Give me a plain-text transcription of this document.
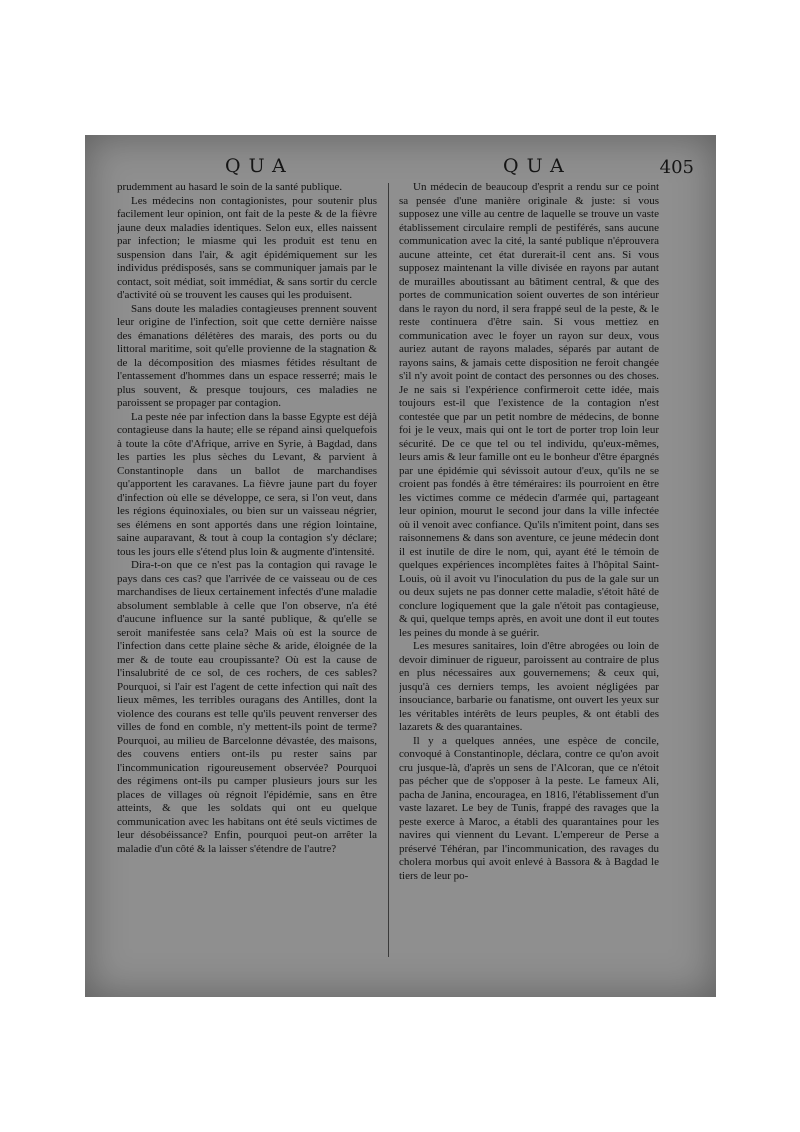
QUA	QUA	405

prudemment au hasard le soin de la santé publique.

Les médecins non contagionistes, pour soutenir plus facilement leur opinion, ont fait de la peste & de la fièvre jaune deux maladies identiques. Selon eux, elles naissent par infection; le miasme qui les produit est tenu en suspension dans l'air, & agit épidémiquement sur les individus prédisposés, sans se communiquer jamais par le contact, soit médiat, soit immédiat, & sans sortir du cercle d'activité où se trouvent les causes qui les produisent.

Sans doute les maladies contagieuses prennent souvent leur origine de l'infection, soit que cette dernière naisse des émanations délétères des marais, des ports ou du littoral maritime, soit qu'elle provienne de la stagnation & de la décomposition des miasmes fétides résultant de l'entassement d'hommes dans un espace resserré; mais le plus souvent, & presque toujours, ces maladies ne paroissent se propager par contagion.

La peste née par infection dans la basse Egypte est déjà contagieuse dans la haute; elle se répand ainsi quelquefois à toute la côte d'Afrique, arrive en Syrie, à Bagdad, dans les parties les plus sèches du Levant, & parvient à Constantinople dans un ballot de marchandises qu'apportent les caravanes. La fièvre jaune part du foyer d'infection où elle se développe, ce sera, si l'on veut, dans les régions équinoxiales, ou bien sur un vaisseau négrier, ses élémens en sont apportés dans une région lointaine, saine auparavant, & tout à coup la contagion s'y déclare; tous les jours elle s'étend plus loin & augmente d'intensité.

Dira-t-on que ce n'est pas la contagion qui ravage le pays dans ces cas? que l'arrivée de ce vaisseau ou de ces marchandises de lieux certainement infectés d'une maladie absolument semblable à celle que l'on observe, n'a été d'aucune influence sur la santé publique, & qu'elle se seroit manifestée sans cela? Mais où est la source de l'infection dans cette plaine sèche & aride, éloignée de la mer & de toute eau croupissante? Où est la cause de l'insalubrité de ce sol, de ces rochers, de ces sables? Pourquoi, si l'air est l'agent de cette infection qui naît des lieux mêmes, les terribles ouragans des Antilles, dont la violence des courans est telle qu'ils peuvent renverser des villes de fond en comble, n'y mettent-ils point de terme? Pourquoi, au milieu de Barcelonne dévastée, des maisons, des couvens entiers ont-ils pu rester sains par l'incommunication rigoureusement observée? Pourquoi des régimens ont-ils pu camper plusieurs jours sur les places de villages où régnoit l'épidémie, sans en être atteints, & que les soldats qui ont eu quelque communication avec les habitans ont été seuls victimes de leur désobéissance? Enfin, pourquoi peut-on arrêter la maladie d'un côté & la laisser s'étendre de l'autre?

Un médecin de beaucoup d'esprit a rendu sur ce point sa pensée d'une manière originale & juste: si vous supposez une ville au centre de laquelle se trouve un vaste établissement circulaire rempli de pestiférés, sans aucune communication avec la cité, la santé publique n'éprouvera aucune atteinte, cet état durerait-il cent ans. Si vous supposez maintenant la ville divisée en rayons par autant de murailles aboutissant au bâtiment central, & que des portes de communication soient ouvertes de son intérieur dans le rayon du nord, il sera frappé seul de la peste, & le reste continuera d'être sain. Si vous mettiez en communication avec le foyer un rayon sur deux, vous auriez autant de rayons malades, séparés par autant de rayons sains, & jamais cette disposition ne feroit changée s'il n'y avoit point de contact des personnes ou des choses. Je ne sais si l'expérience confirmeroit cette idée, mais toujours est-il que l'existence de la contagion n'est contestée que par un petit nombre de médecins, de bonne foi je le veux, mais qui ont le tort de porter trop loin leur sécurité. De ce que tel ou tel individu, qu'eux-mêmes, leurs amis & leur famille ont eu le bonheur d'être épargnés par une épidémie qui sévissoit autour d'eux, qu'ils ne se croient pas fondés à être téméraires: ils pourroient en être les victimes comme ce médecin d'armée qui, partageant leur opinion, mourut le second jour dans la ville infectée où il venoit avec confiance. Qu'ils n'imitent point, dans ses raisonnemens & dans son aventure, ce jeune médecin dont il est inutile de dire le nom, qui, ayant été le témoin de quelques expériences incomplètes faites à l'hôpital Saint-Louis, où il avoit vu l'inoculation du pus de la gale sur un ou deux sujets ne pas donner cette maladie, s'étoit hâté de conclure logiquement que la gale n'étoit pas contagieuse, & qui, quelque temps après, en avoit une dont il eut toutes les peines du monde à se guérir.

Les mesures sanitaires, loin d'être abrogées ou loin de devoir diminuer de rigueur, paroissent au contraire de plus en plus nécessaires aux gouvernemens; & ceux qui, jusqu'à ces derniers temps, les avoient négligées par insouciance, barbarie ou fanatisme, ont ouvert les yeux sur les véritables intérêts de leurs peuples, & ont établi des lazarets & des quarantaines.

Il y a quelques années, une espèce de concile, convoqué à Constantinople, déclara, contre ce qu'on avoit cru jusque-là, d'après un sens de l'Alcoran, que ce n'étoit pas pécher que de s'opposer à la peste. Le fameux Ali, pacha de Janina, encouragea, en 1816, l'établissement d'un vaste lazaret. Le bey de Tunis, frappé des ravages que la peste exerce à Maroc, a établi des quarantaines pour les navires qui viennent du Levant. L'empereur de Perse a préservé Téhéran, par l'incommunication, des ravages du cholera morbus qui avoit enlevé à Bassora & à Bagdad le tiers de leur po-
